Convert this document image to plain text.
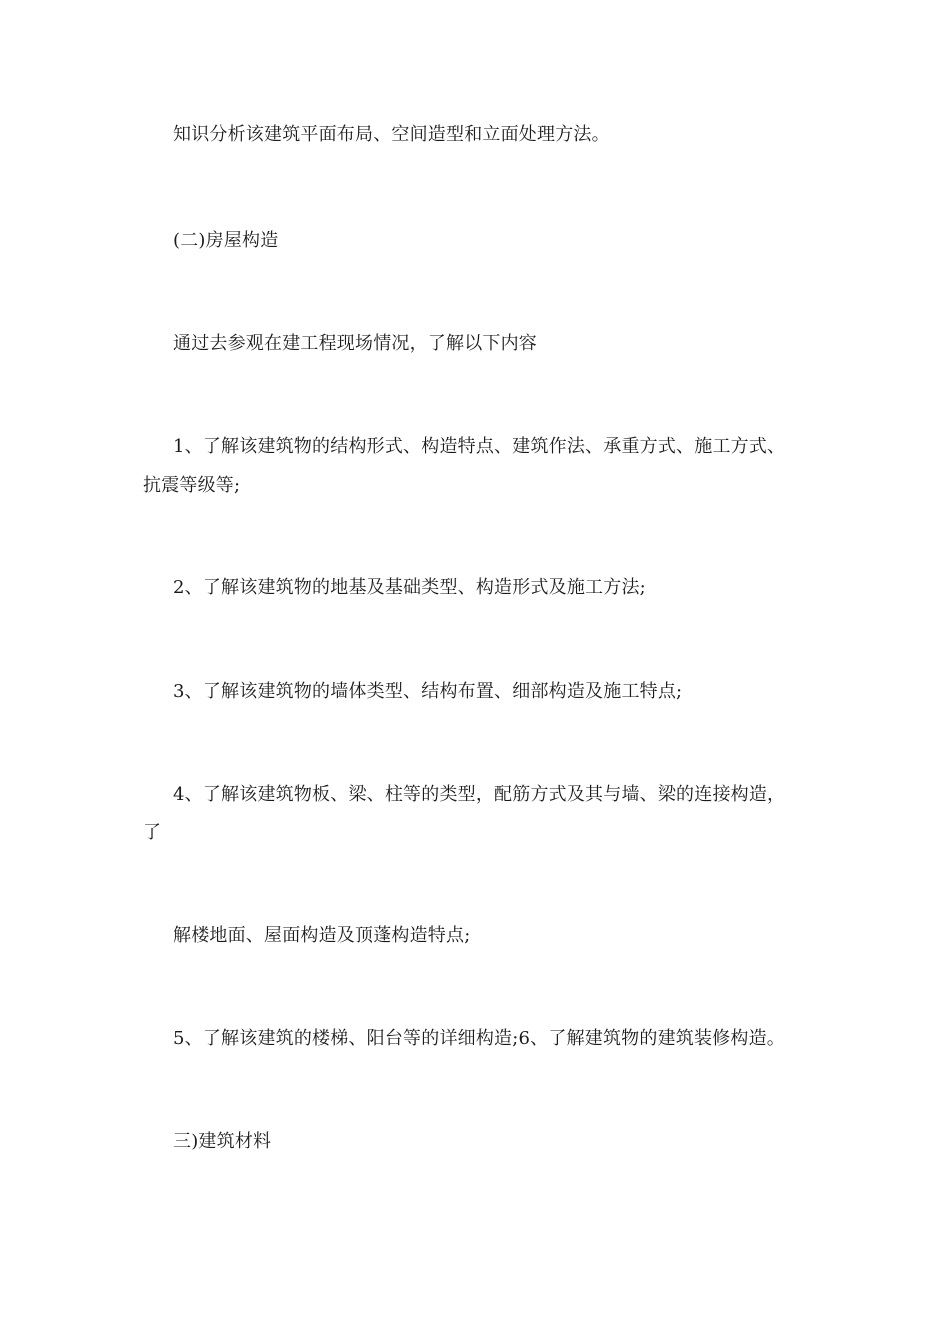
知识分析该建筑平面布局、空间造型和立面处理方法。
(二)房屋构造
通过去参观在建工程现场情况，了解以下内容
1、了解该建筑物的结构形式、构造特点、建筑作法、承重方式、施工方式、
抗震等级等;
2、了解该建筑物的地基及基础类型、构造形式及施工方法;
3、了解该建筑物的墙体类型、结构布置、细部构造及施工特点;
4、了解该建筑物板、梁、柱等的类型，配筋方式及其与墙、梁的连接构造，
了
解楼地面、屋面构造及顶蓬构造特点;
5、了解该建筑的楼梯、阳台等的详细构造;6、了解建筑物的建筑装修构造。
三)建筑材料
